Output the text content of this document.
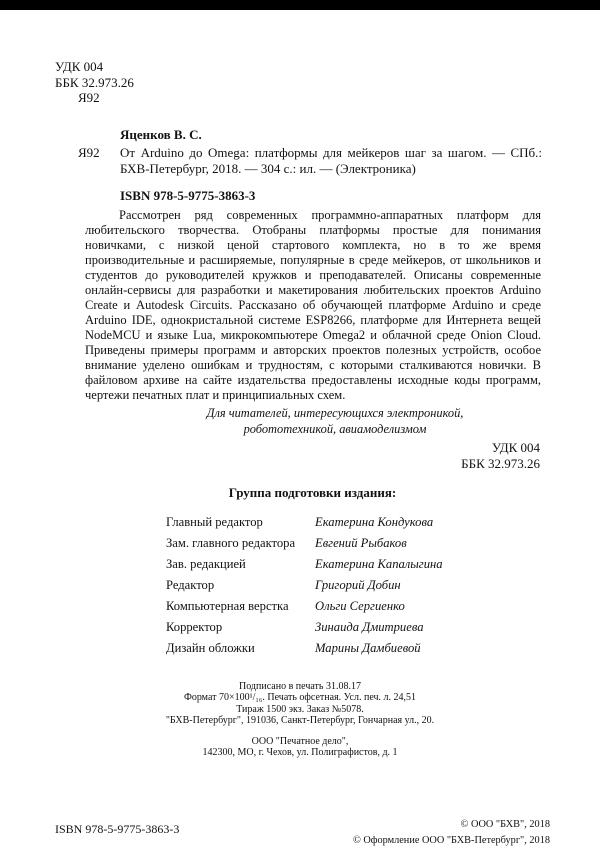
УДК 004
ББК 32.973.26
Я92
Яценков В. С.
Я92 От Arduino до Omega: платформы для мейкеров шаг за шагом. — СПб.: БХВ-Петербург, 2018. — 304 с.: ил. — (Электроника)
ISBN 978-5-9775-3863-3

Рассмотрен ряд современных программно-аппаратных платформ для любительского творчества. Отобраны платформы простые для понимания новичками, с низкой ценой стартового комплекта, но в то же время производительные и расширяемые, популярные в среде мейкеров, от школьников и студентов до руководителей кружков и преподавателей. Описаны современные онлайн-сервисы для разработки и макетирования любительских проектов Arduino Create и Autodesk Circuits. Рассказано об обучающей платформе Arduino и среде Arduino IDE, однокристальной системе ESP8266, платформе для Интернета вещей NodeMCU и языке Lua, микрокомпьютере Omega2 и облачной среде Onion Cloud. Приведены примеры программ и авторских проектов полезных устройств, особое внимание уделено ошибкам и трудностям, с которыми сталкиваются новички. В файловом архиве на сайте издательства предоставлены исходные коды программ, чертежи печатных плат и принципиальных схем.

Для читателей, интересующихся электроникой,
робототехникой, авиамоделизмом
УДК 004
ББК 32.973.26
Группа подготовки издания:
Главный редактор	Екатерина Кондукова
Зам. главного редактора	Евгений Рыбаков
Зав. редакцией	Екатерина Капалыгина
Редактор	Григорий Добин
Компьютерная верстка	Ольги Сергиенко
Корректор	Зинаида Дмитриева
Дизайн обложки	Марины Дамбиевой
Подписано в печать 31.08.17
Формат 70×100¹/₁₆. Печать офсетная. Усл. печ. л. 24,51
Тираж 1500 экз. Заказ №5078.
"БХВ-Петербург", 191036, Санкт-Петербург, Гончарная ул., 20.
ООО "Печатное дело",
142300, МО, г. Чехов, ул. Полиграфистов, д. 1
ISBN 978-5-9775-3863-3	© ООО "БХВ", 2018
© Оформление ООО "БХВ-Петербург", 2018
